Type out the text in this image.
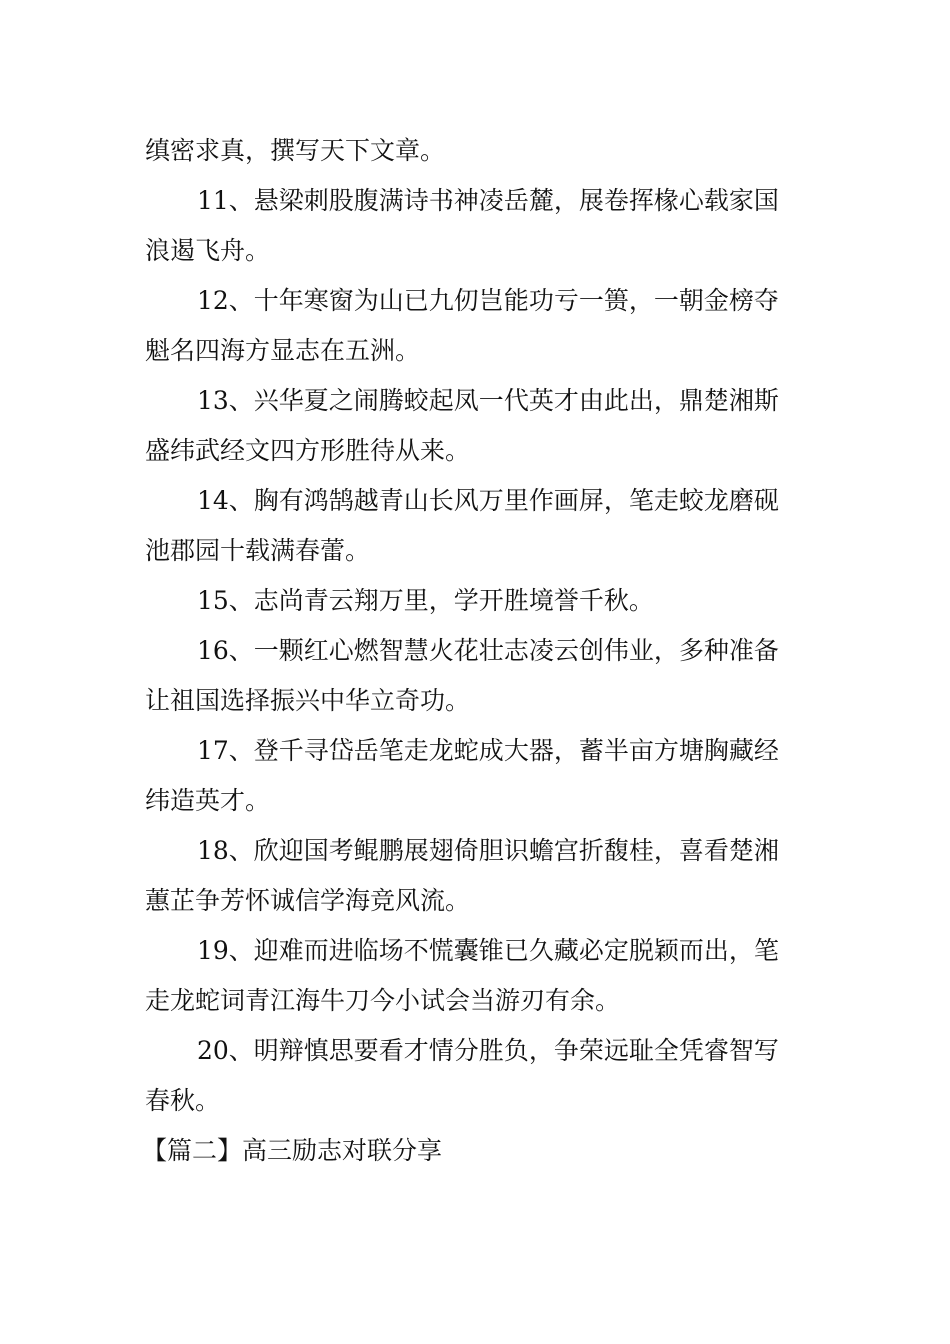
缜密求真，撰写天下文章。

11、悬梁刺股腹满诗书神凌岳麓，展卷挥椽心载家国
浪遏飞舟。

12、十年寒窗为山已九仞岂能功亏一篑，一朝金榜夺
魁名四海方显志在五洲。

13、兴华夏之闹腾蛟起凤一代英才由此出，鼎楚湘斯
盛纬武经文四方形胜待从来。

14、胸有鸿鹄越青山长风万里作画屏，笔走蛟龙磨砚
池郡园十载满春蕾。

15、志尚青云翔万里，学开胜境誉千秋。

16、一颗红心燃智慧火花壮志凌云创伟业，多种准备
让祖国选择振兴中华立奇功。

17、登千寻岱岳笔走龙蛇成大器，蓄半亩方塘胸藏经
纬造英才。

18、欣迎国考鲲鹏展翅倚胆识蟾宫折馥桂，喜看楚湘
蕙芷争芳怀诚信学海竞风流。

19、迎难而进临场不慌囊锥已久藏必定脱颖而出，笔
走龙蛇词青江海牛刀今小试会当游刃有余。

20、明辩慎思要看才情分胜负，争荣远耻全凭睿智写
春秋。

【篇二】高三励志对联分享
